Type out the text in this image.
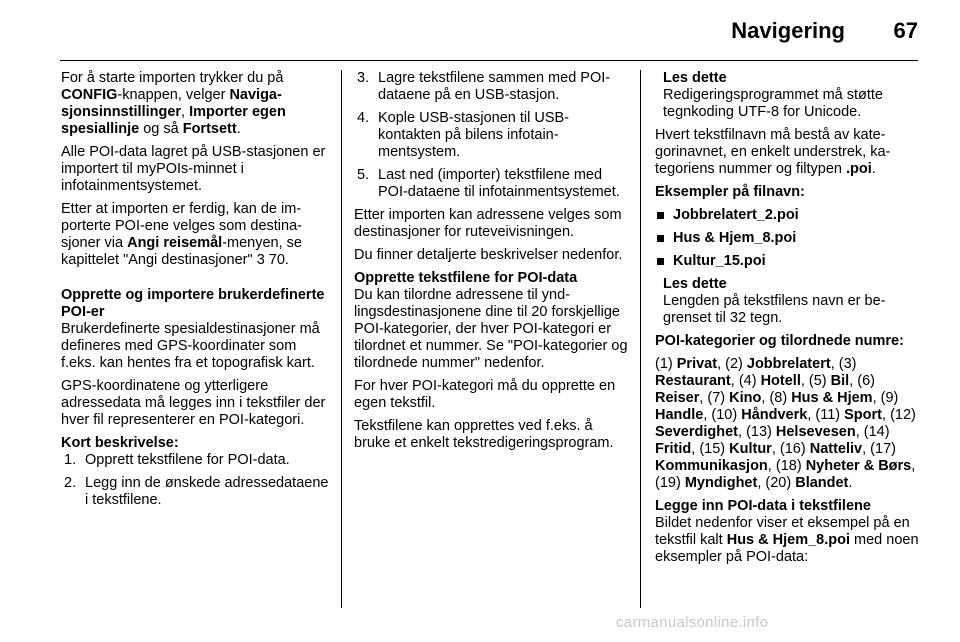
Navigering 67

For å starte importen trykker du på CONFIG-knappen, velger Navigasjonsinnstillinger, Importer egen spesiallinje og så Fortsett.

Alle POI-data lagret på USB-stasjonen er importert til myPOIs-minnet i infotainmentsystemet.

Etter at importen er ferdig, kan de importerte POI-ene velges som destinasjoner via Angi reisemål-menyen, se kapittelet "Angi destinasjoner" 3 70.

Opprette og importere brukerdefinerte POI-er

Brukerdefinerte spesialdestinasjoner må defineres med GPS-koordinater som f.eks. kan hentes fra et topografisk kart.

GPS-koordinatene og ytterligere adressedata må legges inn i tekstfiler der hver fil representerer en POI-kategori.

Kort beskrivelse:

1. Opprett tekstfilene for POI-data.
2. Legg inn de ønskede adressedataene i tekstfilene.
3. Lagre tekstfilene sammen med POI-dataene på en USB-stasjon.
4. Kople USB-stasjonen til USB-kontakten på bilens infotainmentsystem.
5. Last ned (importer) tekstfilene med POI-dataene til infotainmentsystemet.

Etter importen kan adressene velges som destinasjoner for ruteveivisningen.

Du finner detaljerte beskrivelser nedenfor.

Opprette tekstfilene for POI-data

Du kan tilordne adressene til yndlingsdestinasjonene dine til 20 forskjellige POI-kategorier, der hver POI-kategori er tilordnet et nummer. Se "POI-kategorier og tilordnede nummer" nedenfor.

For hver POI-kategori må du opprette en egen tekstfil.

Tekstfilene kan opprettes ved f.eks. å bruke et enkelt tekstredigeringsprogram.

Les dette

Redigeringsprogrammet må støtte tegnkoding UTF-8 for Unicode.

Hvert tekstfilnavn må bestå av kategorinavnet, en enkelt understrek, kategoriens nummer og filtypen .poi.

Eksempler på filnavn:

Jobbrelatert_2.poi
Hus & Hjem_8.poi
Kultur_15.poi

Les dette

Lengden på tekstfilens navn er begrenset til 32 tegn.

POI-kategorier og tilordnede numre:

(1) Privat, (2) Jobbrelatert, (3) Restaurant, (4) Hotell, (5) Bil, (6) Reiser, (7) Kino, (8) Hus & Hjem, (9) Handle, (10) Håndverk, (11) Sport, (12) Severdighet, (13) Helsevesen, (14) Fritid, (15) Kultur, (16) Natteliv, (17) Kommunikasjon, (18) Nyheter & Børs, (19) Myndighet, (20) Blandet.

Legge inn POI-data i tekstfilene

Bildet nedenfor viser et eksempel på en tekstfil kalt Hus & Hjem_8.poi med noen eksempler på POI-data:

carmanualsonline.info
